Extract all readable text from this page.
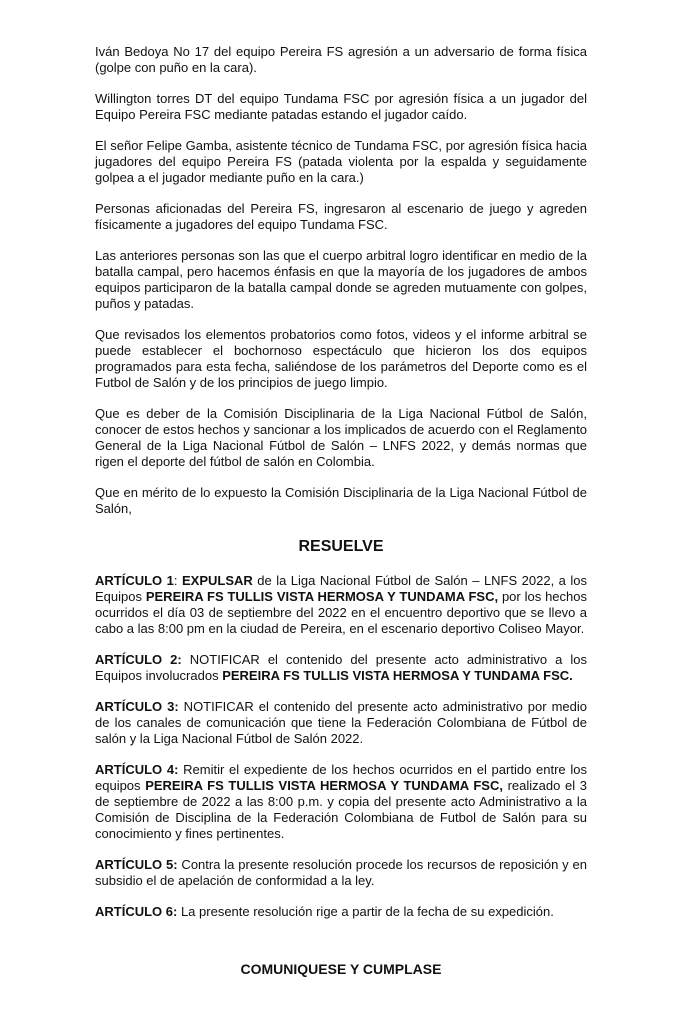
Iván Bedoya No 17 del equipo Pereira FS agresión a un adversario de forma física (golpe con puño en la cara).

Willington torres DT del equipo Tundama FSC por agresión física a un jugador del Equipo Pereira FSC mediante patadas estando el jugador caído.

El señor Felipe Gamba, asistente técnico de Tundama FSC, por agresión física hacia jugadores del equipo Pereira FS (patada violenta por la espalda y seguidamente golpea a el jugador mediante puño en la cara.)

Personas aficionadas del Pereira FS, ingresaron al escenario de juego y agreden físicamente a jugadores del equipo Tundama FSC.

Las anteriores personas son las que el cuerpo arbitral logro identificar en medio de la batalla campal, pero hacemos énfasis en que la mayoría de los jugadores de ambos equipos participaron de la batalla campal donde se agreden mutuamente con golpes, puños y patadas.

Que revisados los elementos probatorios como fotos, videos y el informe arbitral se puede establecer el bochornoso espectáculo que hicieron los dos equipos programados para esta fecha, saliéndose de los parámetros del Deporte como es el Futbol de Salón y de los principios de juego limpio.

Que es deber de la Comisión Disciplinaria de la Liga Nacional Fútbol de Salón, conocer de estos hechos y sancionar a los implicados de acuerdo con el Reglamento General de la Liga Nacional Fútbol de Salón – LNFS 2022, y demás normas que rigen el deporte del fútbol de salón en Colombia.

Que en mérito de lo expuesto la Comisión Disciplinaria de la Liga Nacional Fútbol de Salón,

RESUELVE

ARTÍCULO 1: EXPULSAR de la Liga Nacional Fútbol de Salón – LNFS 2022, a los Equipos PEREIRA FS TULLIS VISTA HERMOSA Y TUNDAMA FSC, por los hechos ocurridos el día 03 de septiembre del 2022 en el encuentro deportivo que se llevo a cabo a las 8:00 pm en la ciudad de Pereira, en el escenario deportivo Coliseo Mayor.

ARTÍCULO 2: NOTIFICAR el contenido del presente acto administrativo a los Equipos involucrados PEREIRA FS TULLIS VISTA HERMOSA Y TUNDAMA FSC.

ARTÍCULO 3: NOTIFICAR el contenido del presente acto administrativo por medio de los canales de comunicación que tiene la Federación Colombiana de Fútbol de salón y la Liga Nacional Fútbol de Salón 2022.

ARTÍCULO 4: Remitir el expediente de los hechos ocurridos en el partido entre los equipos PEREIRA FS TULLIS VISTA HERMOSA Y TUNDAMA FSC, realizado el 3 de septiembre de 2022 a las 8:00 p.m. y copia del presente acto Administrativo a la Comisión de Disciplina de la Federación Colombiana de Futbol de Salón para su conocimiento y fines pertinentes.

ARTÍCULO 5: Contra la presente resolución procede los recursos de reposición y en subsidio el de apelación de conformidad a la ley.

ARTÍCULO 6: La presente resolución rige a partir de la fecha de su expedición.

COMUNIQUESE Y CUMPLASE
